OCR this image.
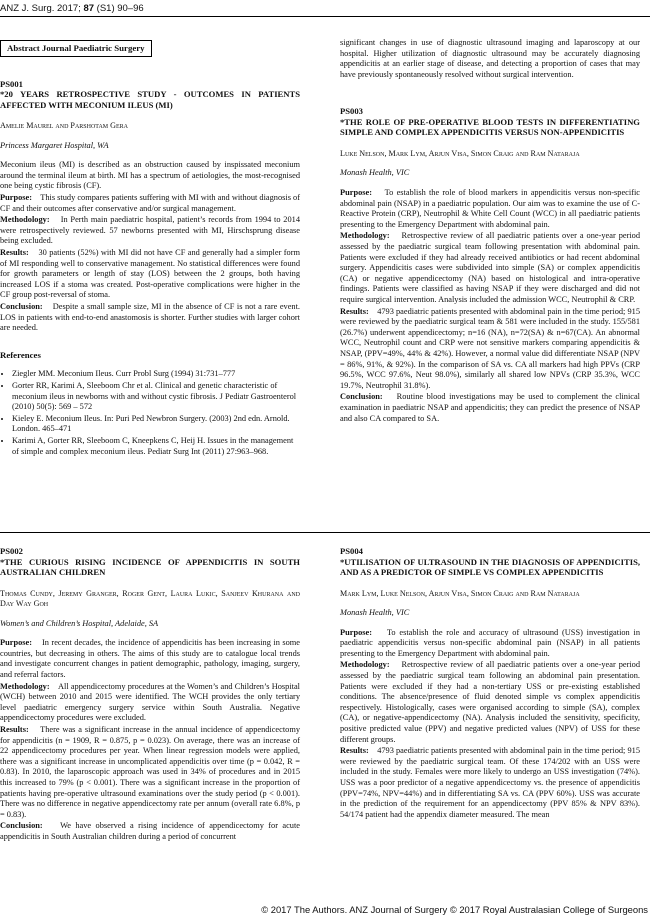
ANZ J. Surg. 2017; 87 (S1) 90–96
Abstract Journal Paediatric Surgery
PS001
*20 YEARS RETROSPECTIVE STUDY - OUTCOMES IN PATIENTS AFFECTED WITH MECONIUM ILEUS (MI)
Amelie Maurel and Parshotam Gera
Princess Margaret Hospital, WA

Meconium ileus (MI) is described as an obstruction caused by inspissated meconium around the terminal ileum at birth. MI has a spectrum of aetiologies, the most-recognised one being cystic fibrosis (CF).

Purpose: This study compares patients suffering with MI with and without diagnosis of CF and their outcomes after conservative and/or surgical management.

Methodology: In Perth main paediatric hospital, patient’s records from 1994 to 2014 were retrospectively reviewed. 57 newborns presented with MI, Hirschsprung disease being excluded.

Results: 30 patients (52%) with MI did not have CF and generally had a simpler form of MI responding well to conservative management. No statistical differences were found for growth parameters or length of stay (LOS) between the 2 groups, both having increased LOS if a stoma was created. Post-operative complications were higher in the CF group post-reversal of stoma.

Conclusion: Despite a small sample size, MI in the absence of CF is not a rare event. LOS in patients with end-to-end anastomosis is shorter. Further studies with larger cohort are needed.

References
• Ziegler MM. Meconium Ileus. Curr Probl Surg (1994) 31:731–777
• Gorter RR, Karimi A, Sleeboom Chr et al. Clinical and genetic characteristic of meconium ileus in newborns with and without cystic fibrosis. J Pediatr Gastroenterol (2010) 50(5): 569 – 572
• Kieley E. Meconium Ileus. In: Puri Ped Newbron Surgery. (2003) 2nd edn. Arnold. London. 465–471
• Karimi A, Gorter RR, Sleeboom C, Kneepkens C, Heij H. Issues in the management of simple and complex meconium ileus. Pediatr Surg Int (2011) 27:963–968.

significant changes in use of diagnostic ultrasound imaging and laparoscopy at our hospital. Higher utilization of diagnostic ultrasound may be accurately diagnosing appendicitis at an earlier stage of disease, and detecting a proportion of cases that may have previously spontaneously resolved without surgical intervention.

PS003
*THE ROLE OF PRE-OPERATIVE BLOOD TESTS IN DIFFERENTIATING SIMPLE AND COMPLEX APPENDICITIS VERSUS NON-APPENDICITIS
Luke Nelson, Mark Lym, Arjun Visa, Simon Craig and Ram Nataraja
Monash Health, VIC

Purpose: To establish the role of blood markers in appendicitis versus non-specific abdominal pain (NSAP) in a paediatric population. Our aim was to examine the use of C-Reactive Protein (CRP), Neutrophil & White Cell Count (WCC) in all paediatric patients presenting to the Emergency Department with abdominal pain.

Methodology: Retrospective review of all paediatric patients over a one-year period assessed by the paediatric surgical team following presentation with abdominal pain. Patients were excluded if they had already received antibiotics or had recent abdominal surgery. Appendicitis cases were subdivided into simple (SA) or complex appendicitis (CA) or negative appendicectomy (NA) based on histological and intra-operative findings. Patients were classified as having NSAP if they were discharged and did not require surgical intervention. Analysis included the admission WCC, Neutrophil & CRP.

Results: 4793 paediatric patients presented with abdominal pain in the time period; 915 were reviewed by the paediatric surgical team & 581 were included in the study. 155/581 (26.7%) underwent appendicectomy; n=16 (NA), n=72(SA) & n=67(CA). An abnormal WCC, Neutrophil count and CRP were not sensitive markers comparing appendicitis & NSAP, (PPV=49%, 44% & 42%). However, a normal value did differentiate NSAP (NPV = 86%, 91%, & 92%). In the comparison of SA vs. CA all markers had high PPVs (CRP 96.5%, WCC 97.6%, Neut 98.0%), similarly all shared low NPVs (CRP 35.3%, WCC 19.7%, Neutrophil 31.8%).

Conclusion: Routine blood investigations may be used to complement the clinical examination in paediatric NSAP and appendicitis; they can predict the presence of NSAP and also CA compared to SA.

PS002
*THE CURIOUS RISING INCIDENCE OF APPENDICITIS IN SOUTH AUSTRALIAN CHILDREN
Thomas Cundy, Jeremy Granger, Roger Gent, Laura Lukic, Sanjeev Khurana and Day Way Goh
Women’s and Children’s Hospital, Adelaide, SA

Purpose: In recent decades, the incidence of appendicitis has been increasing in some countries, but decreasing in others. The aims of this study are to catalogue local trends and investigate concurrent changes in patient demographic, pathology, imaging, surgery, and referral factors.

Methodology: All appendicectomy procedures at the Women’s and Children’s Hospital (WCH) between 2010 and 2015 were identified. The WCH provides the only tertiary level paediatric emergency surgery service within South Australia. Negative appendicectomy procedures were excluded.

Results: There was a significant increase in the annual incidence of appendicectomy for appendicitis (n = 1909, R = 0.875, p = 0.023). On average, there was an increase of 22 appendicectomy procedures per year. When linear regression models were applied, there was a significant increase in uncomplicated appendicitis over time (p = 0.042, R = 0.83). In 2010, the laparoscopic approach was used in 34% of procedures and in 2015 this increased to 79% (p < 0.001). There was a significant increase in the proportion of patients having pre-operative ultrasound examinations over the study period (p < 0.001). There was no difference in negative appendicectomy rate per annum (overall rate 6.8%, p = 0.83).

Conclusion: We have observed a rising incidence of appendicectomy for acute appendicitis in South Australian children during a period of concurrent

PS004
*UTILISATION OF ULTRASOUND IN THE DIAGNOSIS OF APPENDICITIS, AND AS A PREDICTOR OF SIMPLE VS COMPLEX APPENDICITIS
Mark Lym, Luke Nelson, Arjun Visa, Simon Craig and Ram Nataraja
Monash Health, VIC

Purpose: To establish the role and accuracy of ultrasound (USS) investigation in paediatric appendicitis versus non-specific abdominal pain (NSAP) in all patients presenting to the Emergency Department with abdominal pain.

Methodology: Retrospective review of all paediatric patients over a one-year period assessed by the paediatric surgical team following an abdominal pain presentation. Patients were excluded if they had a non-tertiary USS or pre-existing established conditions. The absence/presence of fluid denoted simple vs complex appendicitis respectively. Histologically, cases were organised according to simple (SA), complex (CA), or negative-appendicectomy (NA). Analysis included the sensitivity, specificity, positive predicted value (PPV) and negative predicted values (NPV) of USS for these different groups.

Results: 4793 paediatric patients presented with abdominal pain in the time period; 915 were reviewed by the paediatric surgical team. Of these 174/202 with an USS were included in the study. Females were more likely to undergo an USS investigation (74%). USS was a poor predictor of a negative appendicectomy vs. the presence of appendicitis (PPV=74%, NPV=44%) and in differentiating SA vs. CA (PPV 60%). USS was accurate in the prediction of the requirement for an appendicectomy (PPV 85% & NPV 83%). 54/174 patient had the appendix diameter measured. The mean

© 2017 The Authors. ANZ Journal of Surgery © 2017 Royal Australasian College of Surgeons
